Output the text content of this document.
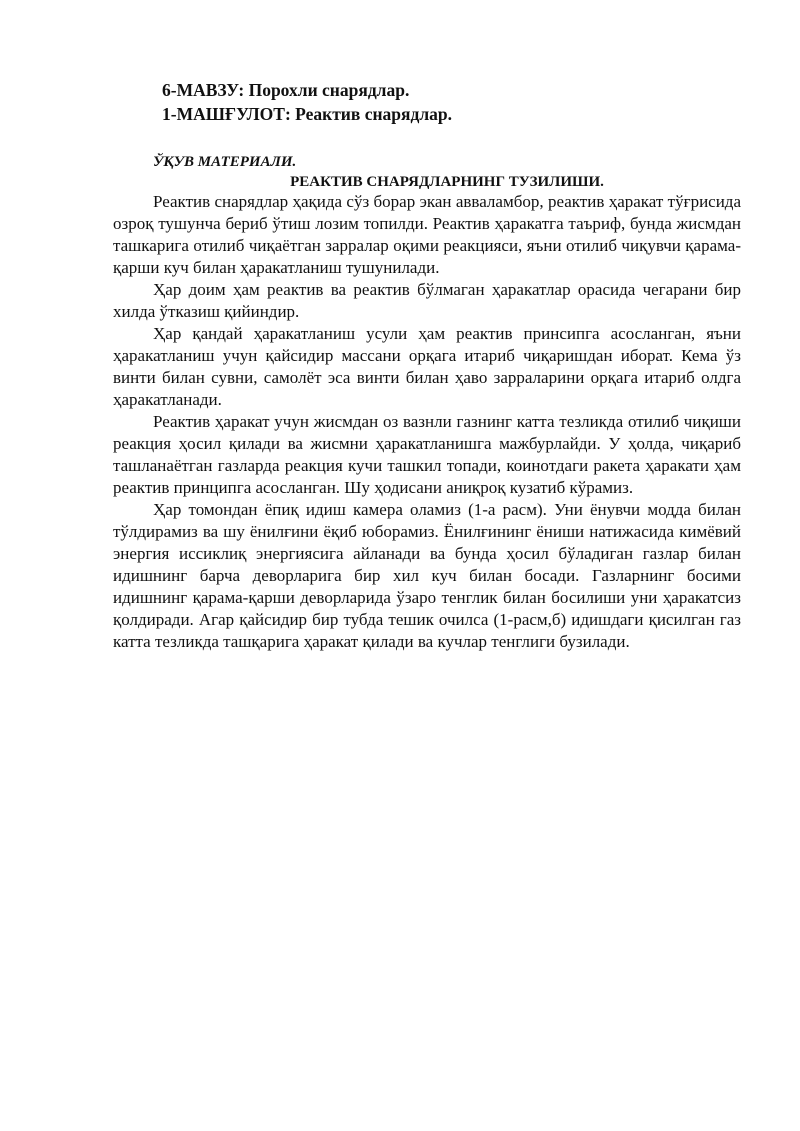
6-МАВЗУ: Порохли снарядлар.
1-МАШҒУЛОТ: Реактив снарядлар.
ЎҚУВ МАТЕРИАЛИ.
РЕАКТИВ СНАРЯДЛАРНИНГ ТУЗИЛИШИ.

Реактив снарядлар ҳақида сўз борар экан авваламбор, реактив ҳаракат тўғрисида озроқ тушунча бериб ўтиш лозим топилди. Реактив ҳаракатга таъриф, бунда жисмдан ташкарига отилиб чиқаётган зарралар оқими реакцияси, яъни отилиб чиқувчи қарама-қарши куч билан ҳаракатланиш тушунилади.

Ҳар доим ҳам реактив ва реактив бўлмаган ҳаракатлар орасида чегарани бир хилда ўтказиш қийиндир.

Ҳар қандай ҳаракатланиш усули ҳам реактив принсипга асосланган, яъни ҳаракатланиш учун қайсидир массани орқага итариб чиқаришдан иборат. Кема ўз винти билан сувни, самолёт эса винти билан ҳаво зарраларини орқага итариб олдга ҳаракатланади.

Реактив ҳаракат учун жисмдан оз вазнли газнинг катта тезликда отилиб чиқиши реакция ҳосил қилади ва жисмни ҳаракатланишга мажбурлайди. У ҳолда, чиқариб ташланаётган газларда реакция кучи ташкил топади, коинотдаги ракета ҳаракати ҳам реактив принципга асосланган. Шу ҳодисани аниқроқ кузатиб кўрамиз.

Ҳар томондан ёпиқ идиш камера оламиз (1-а расм). Уни ёнувчи модда билан тўлдирамиз ва шу ёнилғини ёқиб юборамиз. Ёнилғининг ёниши натижасида кимёвий энергия иссиклиқ энергиясига айланади ва бунда ҳосил бўладиган газлар билан идишнинг барча деворларига бир хил куч билан босади. Газларнинг босими идишнинг қарама-қарши деворларида ўзаро тенглик билан босилиши уни ҳаракатсиз қолдиради. Агар қайсидир бир тубда тешик очилса (1-расм,б) идишдаги қисилган газ катта тезликда ташқарига ҳаракат қилади ва кучлар тенглиги бузилади.
